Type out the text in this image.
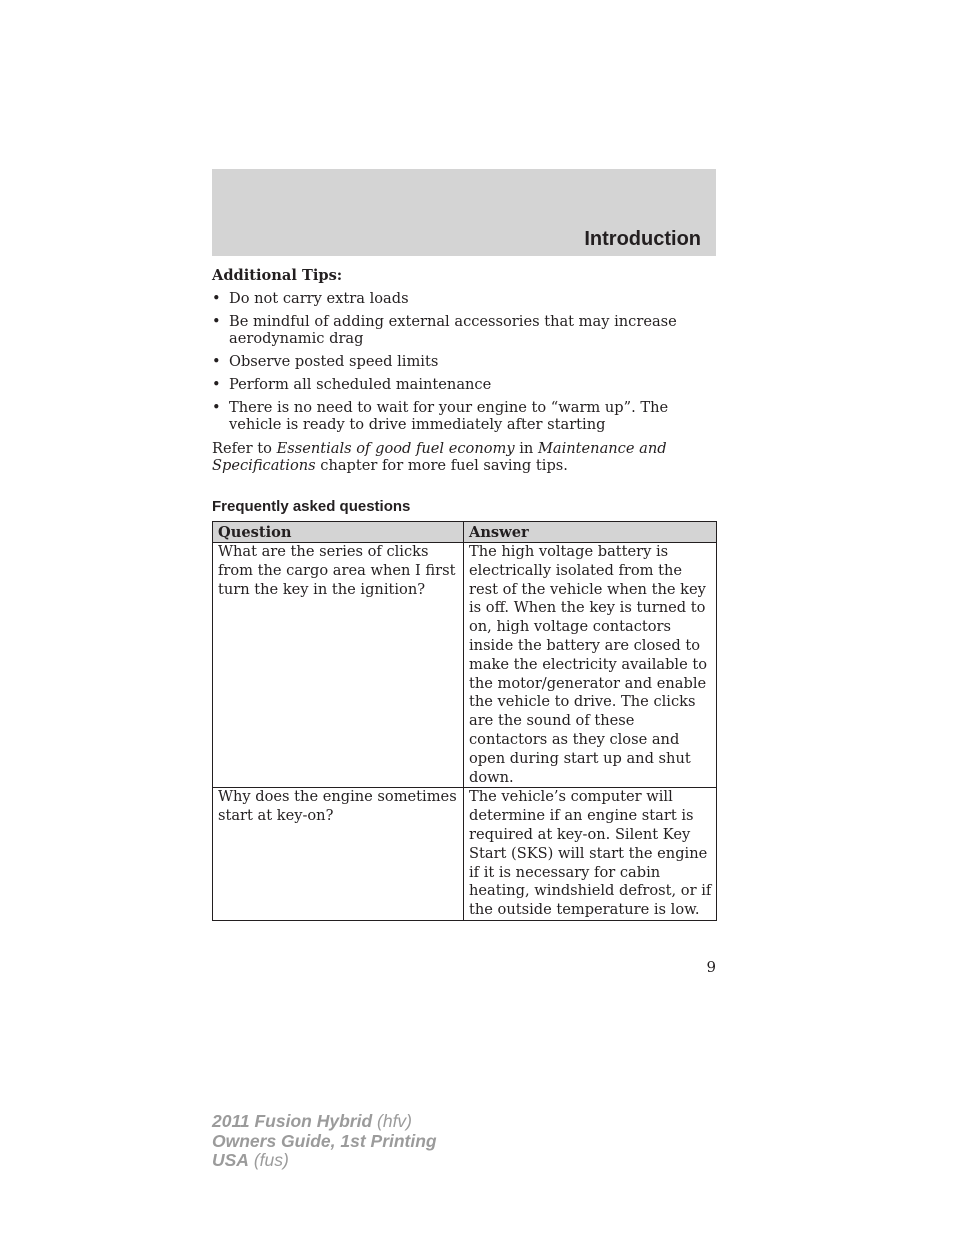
Introduction
Additional Tips:
• Do not carry extra loads
• Be mindful of adding external accessories that may increase aerodynamic drag
• Observe posted speed limits
• Perform all scheduled maintenance
• There is no need to wait for your engine to “warm up”. The vehicle is ready to drive immediately after starting
Refer to Essentials of good fuel economy in Maintenance and Specifications chapter for more fuel saving tips.
Frequently asked questions
Question	Answer
What are the series of clicks from the cargo area when I first turn the key in the ignition?	The high voltage battery is electrically isolated from the rest of the vehicle when the key is off. When the key is turned to on, high voltage contactors inside the battery are closed to make the electricity available to the motor/generator and enable the vehicle to drive. The clicks are the sound of these contactors as they close and open during start up and shut down.
Why does the engine sometimes start at key-on?	The vehicle’s computer will determine if an engine start is required at key-on. Silent Key Start (SKS) will start the engine if it is necessary for cabin heating, windshield defrost, or if the outside temperature is low.
9
2011 Fusion Hybrid (hfv)
Owners Guide, 1st Printing
USA (fus)
